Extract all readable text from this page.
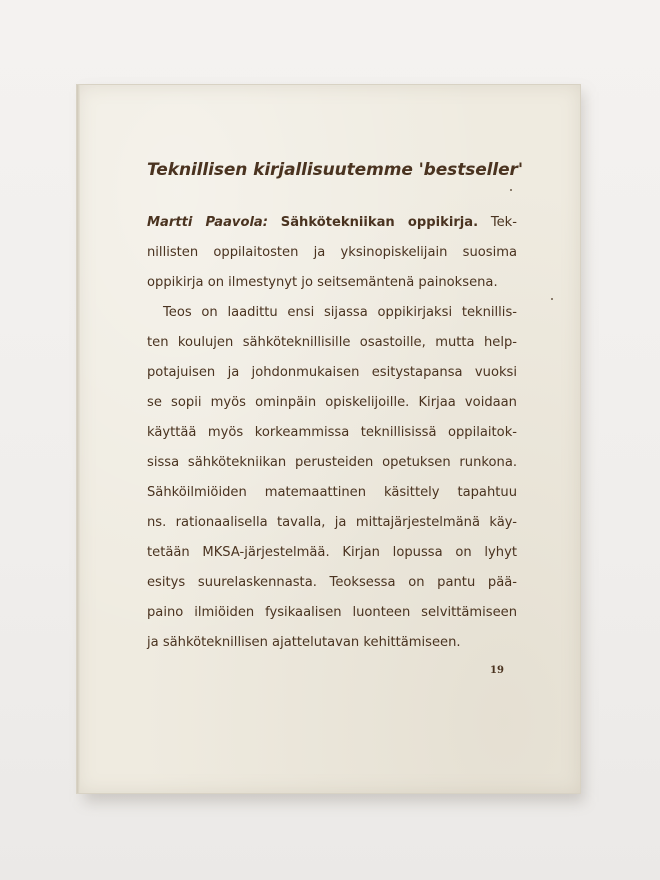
Teknillisen kirjallisuutemme 'bestseller'
Martti Paavola: Sähkötekniikan oppikirja. Tek-
nillisten oppilaitosten ja yksinopiskelijain suosima
oppikirja on ilmestynyt jo seitsemäntenä painoksena.
Teos on laadittu ensi sijassa oppikirjaksi teknillis-
ten koulujen sähköteknillisille osastoille, mutta help-
potajuisen ja johdonmukaisen esitystapansa vuoksi
se sopii myös ominpäin opiskelijoille. Kirjaa voidaan
käyttää myös korkeammissa teknillisissä oppilaitok-
sissa sähkötekniikan perusteiden opetuksen runkona.
Sähköilmiöiden matemaattinen käsittely tapahtuu
ns. rationaalisella tavalla, ja mittajärjestelmänä käy-
tetään MKSA-järjestelmää. Kirjan lopussa on lyhyt
esitys suurelaskennasta. Teoksessa on pantu pää-
paino ilmiöiden fysikaalisen luonteen selvittämiseen
ja sähköteknillisen ajattelutavan kehittämiseen.
19
